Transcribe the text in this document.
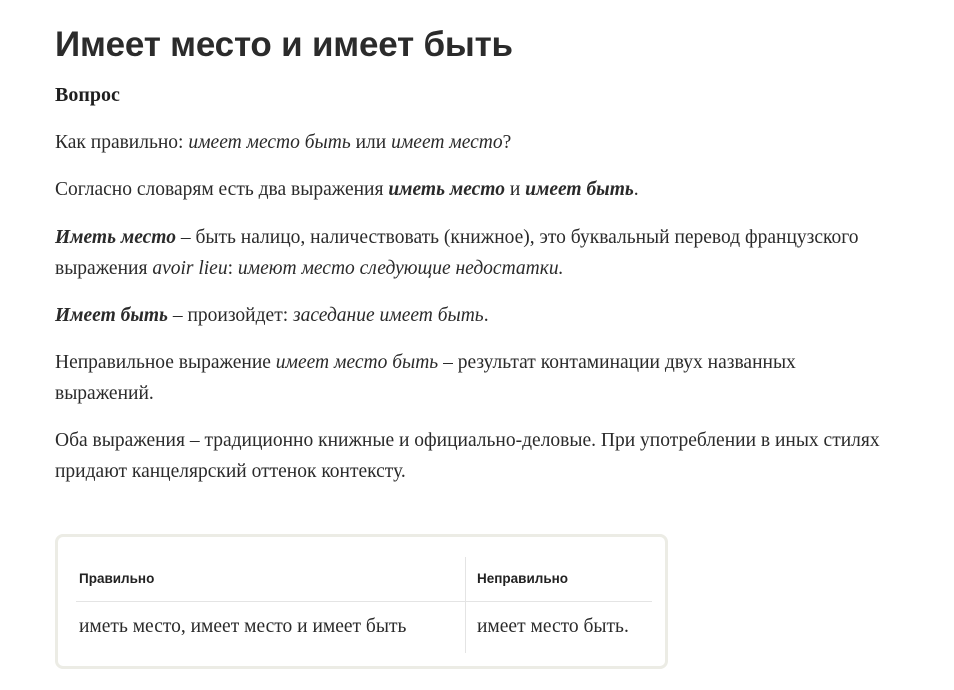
Имеет место и имеет быть
Вопрос

Как правильно: имеет место быть или имеет место?

Согласно словарям есть два выражения иметь место и имеет быть.

Иметь место – быть налицо, наличествовать (книжное), это буквальный перевод французского выражения avoir lieu: имеют место следующие недостатки.

Имеет быть – произойдет: заседание имеет быть.

Неправильное выражение имеет место быть – результат контаминации двух названных выражений.

Оба выражения – традиционно книжные и официально-деловые. При употреблении в иных стилях придают канцелярский оттенок контексту.

Правильно	Неправильно
иметь место, имеет место и имеет быть	имеет место быть.
